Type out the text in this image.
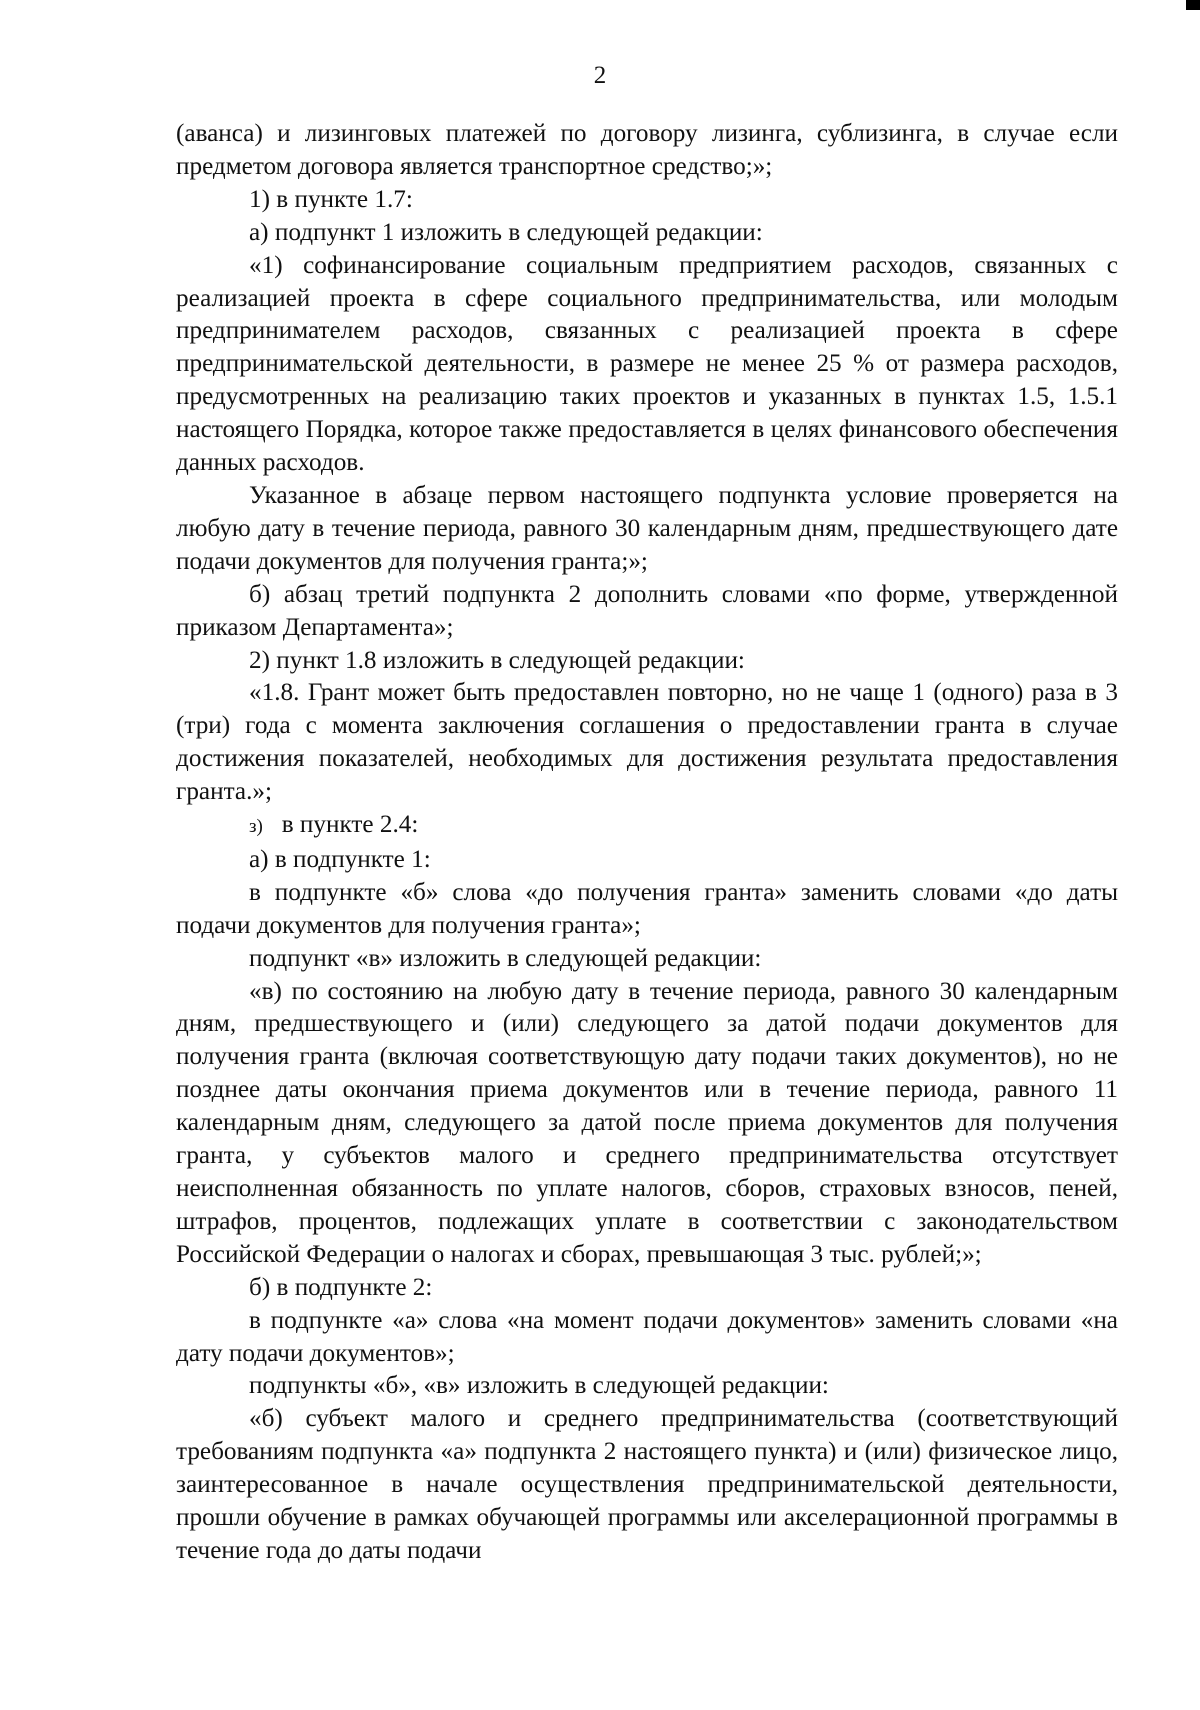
2

(аванса) и лизинговых платежей по договору лизинга, сублизинга, в случае если предметом договора является транспортное средство;»;

1) в пункте 1.7:

а) подпункт 1 изложить в следующей редакции:

«1) софинансирование социальным предприятием расходов, связанных с реализацией проекта в сфере социального предпринимательства, или молодым предпринимателем расходов, связанных с реализацией проекта в сфере предпринимательской деятельности, в размере не менее 25 % от размера расходов, предусмотренных на реализацию таких проектов и указанных в пунктах 1.5, 1.5.1 настоящего Порядка, которое также предоставляется в целях финансового обеспечения данных расходов.

Указанное в абзаце первом настоящего подпункта условие проверяется на любую дату в течение периода, равного 30 календарным дням, предшествующего дате подачи документов для получения гранта;»;

б) абзац третий подпункта 2 дополнить словами «по форме, утвержденной приказом Департамента»;

2) пункт 1.8 изложить в следующей редакции:

«1.8. Грант может быть предоставлен повторно, но не чаще 1 (одного) раза в 3 (три) года с момента заключения соглашения о предоставлении гранта в случае достижения показателей, необходимых для достижения результата предоставления гранта.»;

з) в пункте 2.4:

а) в подпункте 1:

в подпункте «б» слова «до получения гранта» заменить словами «до даты подачи документов для получения гранта»;

подпункт «в» изложить в следующей редакции:

«в) по состоянию на любую дату в течение периода, равного 30 календарным дням, предшествующего и (или) следующего за датой подачи документов для получения гранта (включая соответствующую дату подачи таких документов), но не позднее даты окончания приема документов или в течение периода, равного 11 календарным дням, следующего за датой после приема документов для получения гранта, у субъектов малого и среднего предпринимательства отсутствует неисполненная обязанность по уплате налогов, сборов, страховых взносов, пеней, штрафов, процентов, подлежащих уплате в соответствии с законодательством Российской Федерации о налогах и сборах, превышающая 3 тыс. рублей;»;

б) в подпункте 2:

в подпункте «а» слова «на момент подачи документов» заменить словами «на дату подачи документов»;

подпункты «б», «в» изложить в следующей редакции:

«б) субъект малого и среднего предпринимательства (соответствующий требованиям подпункта «а» подпункта 2 настоящего пункта) и (или) физическое лицо, заинтересованное в начале осуществления предпринимательской деятельности, прошли обучение в рамках обучающей программы или акселерационной программы в течение года до даты подачи
